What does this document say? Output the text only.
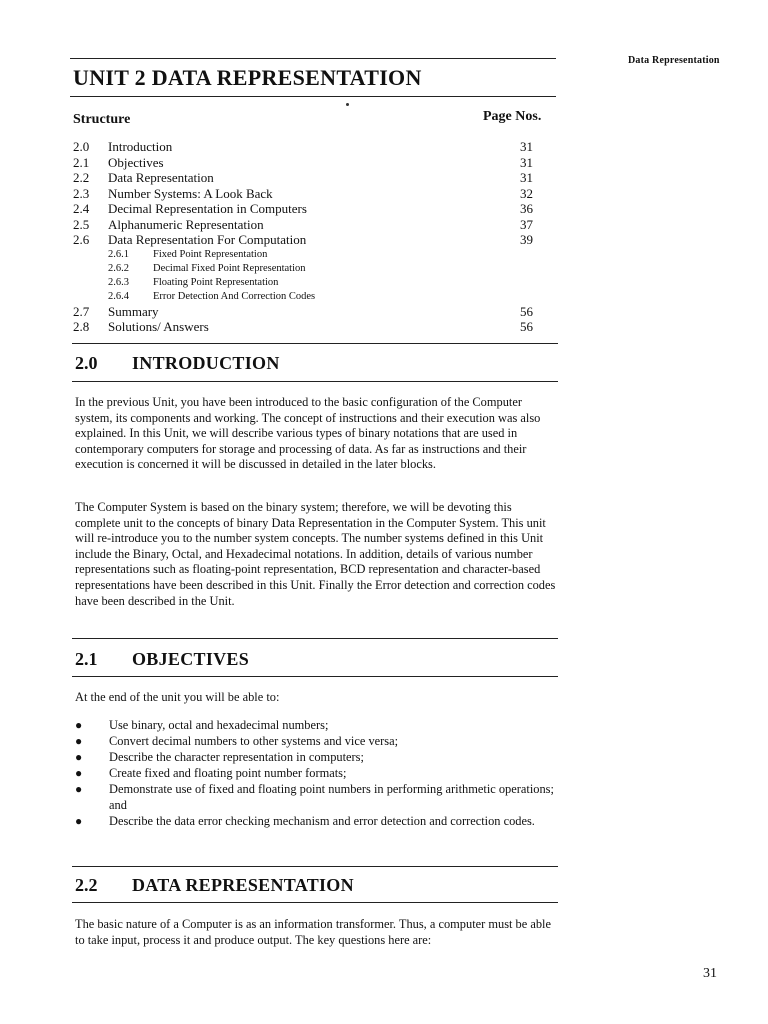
Data Representation
UNIT 2 DATA REPRESENTATION
Structure	Page Nos.
2.0 Introduction	31
2.1 Objectives	31
2.2 Data Representation	31
2.3 Number Systems: A Look Back	32
2.4 Decimal Representation in Computers	36
2.5 Alphanumeric Representation	37
2.6 Data Representation For Computation	39
2.6.1 Fixed Point Representation
2.6.2 Decimal Fixed Point Representation
2.6.3 Floating Point Representation
2.6.4 Error Detection And Correction Codes
2.7 Summary	56
2.8 Solutions/ Answers	56
2.0 INTRODUCTION
In the previous Unit, you have been introduced to the basic configuration of the Computer system, its components and working. The concept of instructions and their execution was also explained. In this Unit, we will describe various types of binary notations that are used in contemporary computers for storage and processing of data. As far as instructions and their execution is concerned it will be discussed in detailed in the later blocks.
The Computer System is based on the binary system; therefore, we will be devoting this complete unit to the concepts of binary Data Representation in the Computer System. This unit will re-introduce you to the number system concepts. The number systems defined in this Unit include the Binary, Octal, and Hexadecimal notations. In addition, details of various number representations such as floating-point representation, BCD representation and character-based representations have been described in this Unit. Finally the Error detection and correction codes have been described in the Unit.
2.1 OBJECTIVES
At the end of the unit you will be able to:
● Use binary, octal and hexadecimal numbers;
● Convert decimal numbers to other systems and vice versa;
● Describe the character representation in computers;
● Create fixed and floating point number formats;
● Demonstrate use of fixed and floating point numbers in performing arithmetic operations; and
● Describe the data error checking mechanism and error detection and correction codes.
2.2 DATA REPRESENTATION
The basic nature of a Computer is as an information transformer. Thus, a computer must be able to take input, process it and produce output. The key questions here are:
31
